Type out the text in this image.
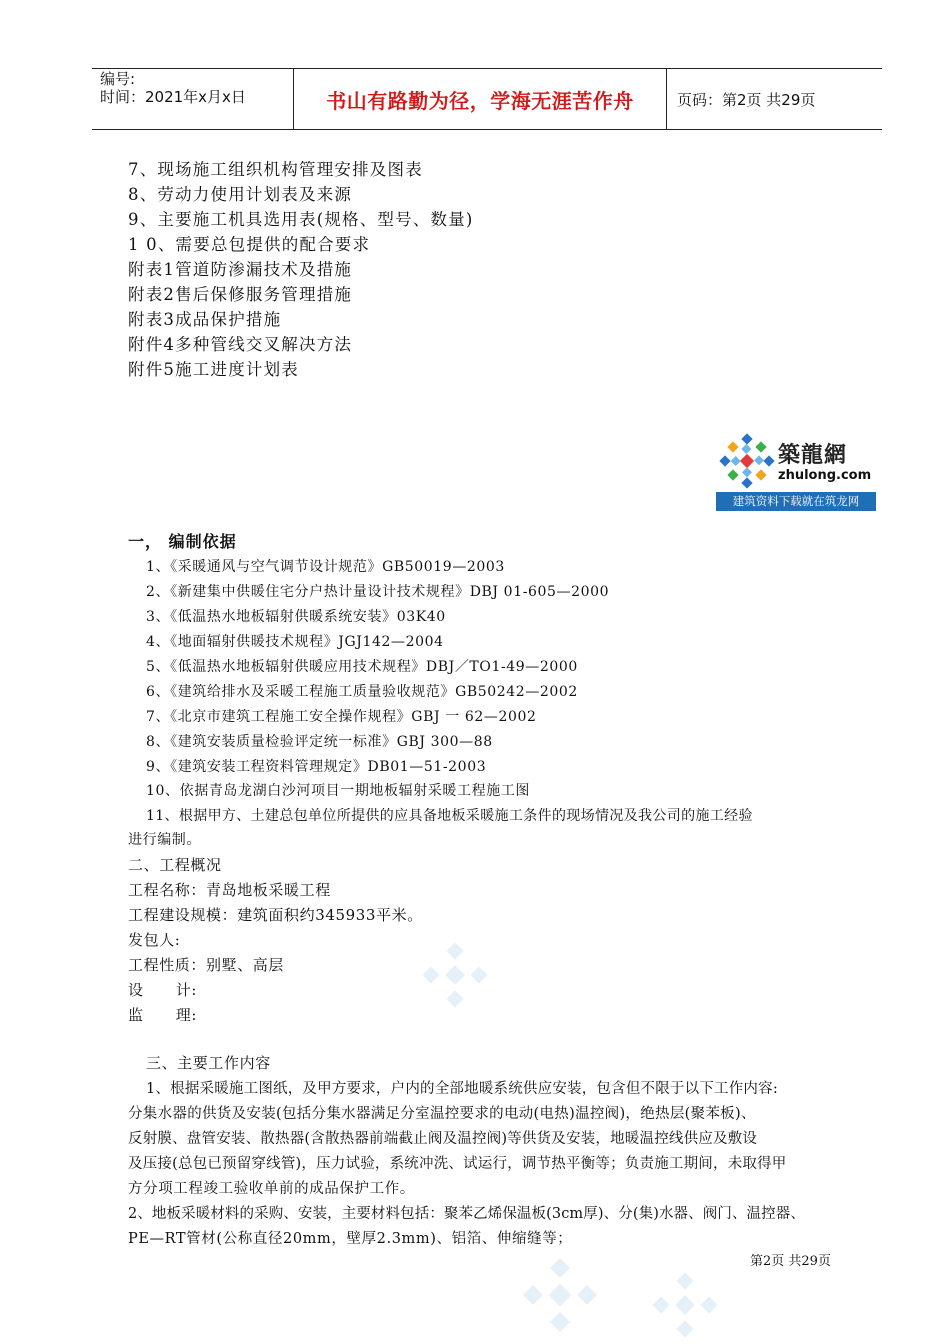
编号:
时间：2021年x月x日	书山有路勤为径，学海无涯苦作舟	页码：第2页 共29页
7、现场施工组织机构管理安排及图表
8、劳动力使用计划表及来源
9、主要施工机具选用表(规格、型号、数量)
1 0、需要总包提供的配合要求
附表1管道防渗漏技术及措施
附表2售后保修服务管理措施
附表3成品保护措施
附件4多种管线交叉解决方法
附件5施工进度计划表
築龍網
zhulong.com
建筑资料下载就在筑龙网
一， 编制依据
1、《采暖通风与空气调节设计规范》GB50019—2003
2、《新建集中供暖住宅分户热计量设计技术规程》DBJ 01-605—2000
3、《低温热水地板辐射供暖系统安装》03K40
4、《地面辐射供暖技术规程》JGJ142—2004
5、《低温热水地板辐射供暖应用技术规程》DBJ／TO1-49—2000
6、《建筑给排水及采暖工程施工质量验收规范》GB50242—2002
7、《北京市建筑工程施工安全操作规程》GBJ 一 62—2002
8、《建筑安装质量检验评定统一标准》GBJ 300—88
9、《建筑安装工程资料管理规定》DB01—51-2003
10、依据青岛龙湖白沙河项目一期地板辐射采暖工程施工图
11、根据甲方、土建总包单位所提供的应具备地板采暖施工条件的现场情况及我公司的施工经验
进行编制。
二、工程概况
工程名称：青岛地板采暖工程
工程建设规模：建筑面积约345933平米。
发包人:
工程性质：别墅、高层
设      计:
监      理:
三、主要工作内容
1、根据采暖施工图纸，及甲方要求，户内的全部地暖系统供应安装，包含但不限于以下工作内容:
分集水器的供货及安装(包括分集水器满足分室温控要求的电动(电热)温控阀)，绝热层(聚苯板)、
反射膜、盘管安装、散热器(含散热器前端截止阀及温控阀)等供货及安装，地暖温控线供应及敷设
及压接(总包已预留穿线管)，压力试验，系统冲洗、试运行，调节热平衡等；负责施工期间，未取得甲
方分项工程竣工验收单前的成品保护工作。
2、地板采暖材料的采购、安装，主要材料包括：聚苯乙烯保温板(3cm厚)、分(集)水器、阀门、温控器、
PE—RT管材(公称直径20mm，壁厚2.3mm)、铝箔、伸缩缝等；
第2页 共29页
